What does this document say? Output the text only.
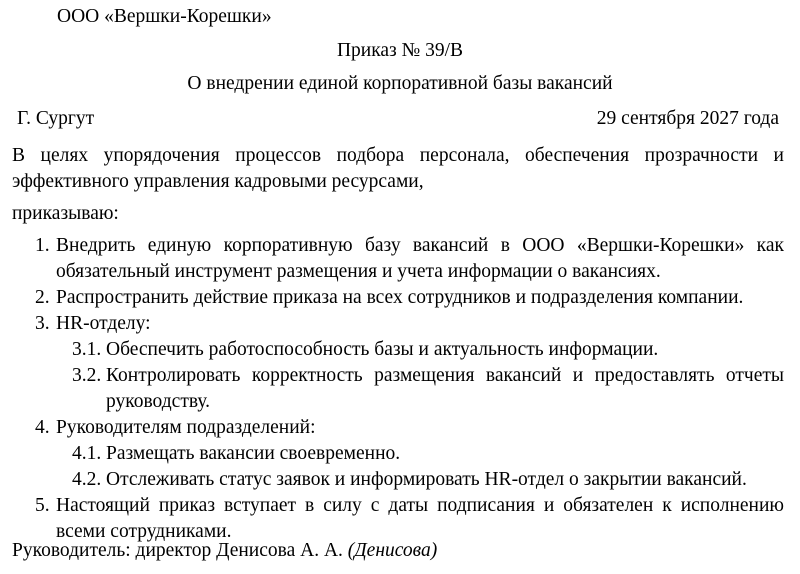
ООО «Вершки-Корешки»
Приказ № 39/В
О внедрении единой корпоративной базы вакансий
Г. Сургут	29 сентября 2027 года
В целях упорядочения процессов подбора персонала, обеспечения прозрачности и эффективного управления кадровыми ресурсами,
приказываю:
1. Внедрить единую корпоративную базу вакансий в ООО «Вершки-Корешки» как обязательный инструмент размещения и учета информации о вакансиях.
2. Распространить действие приказа на всех сотрудников и подразделения компании.
3. HR-отделу:
3.1. Обеспечить работоспособность базы и актуальность информации.
3.2. Контролировать корректность размещения вакансий и предоставлять отчеты руководству.
4. Руководителям подразделений:
4.1. Размещать вакансии своевременно.
4.2. Отслеживать статус заявок и информировать HR-отдел о закрытии вакансий.
5. Настоящий приказ вступает в силу с даты подписания и обязателен к исполнению всеми сотрудниками.
Руководитель: директор Денисова А. А. (Денисова)
